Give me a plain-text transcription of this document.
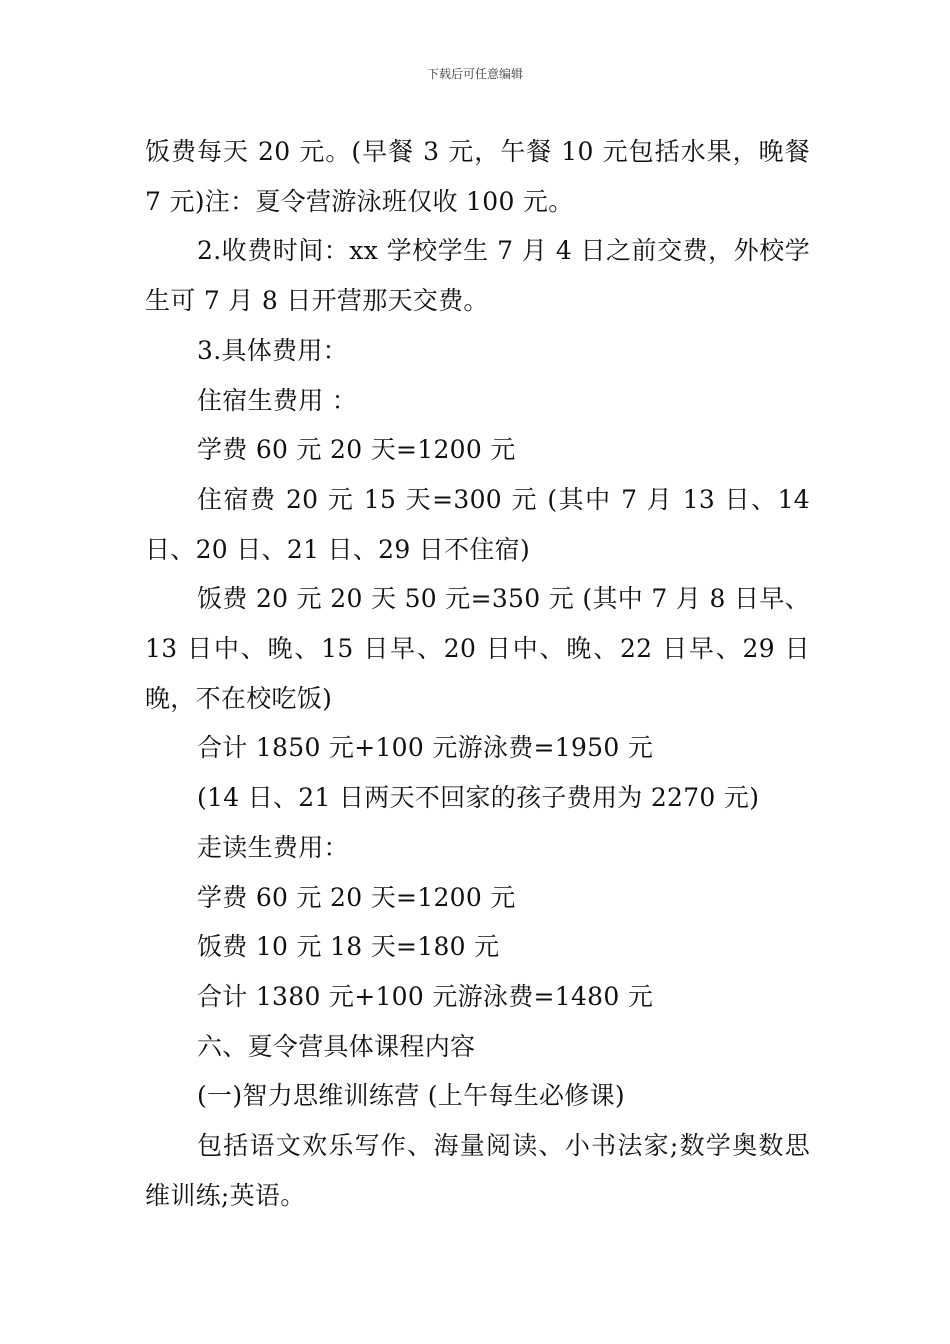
下载后可任意编辑

饭费每天 20 元。(早餐 3 元，午餐 10 元包括水果，晚餐 7 元)注：夏令营游泳班仅收 100 元。

2.收费时间：xx 学校学生 7 月 4 日之前交费，外校学生可 7 月 8 日开营那天交费。

3.具体费用：

住宿生费用 ：

学费 60 元 20 天=1200 元

住宿费 20 元 15 天=300 元 (其中 7 月 13 日、14 日、20 日、21 日、29 日不住宿)

饭费 20 元 20 天 50 元=350 元 (其中 7 月 8 日早、13 日中、晚、15 日早、20 日中、晚、22 日早、29 日晚，不在校吃饭)

合计 1850 元+100 元游泳费=1950 元

(14 日、21 日两天不回家的孩子费用为 2270 元)

走读生费用：

学费 60 元 20 天=1200 元

饭费 10 元 18 天=180 元

合计 1380 元+100 元游泳费=1480 元

六、夏令营具体课程内容

(一)智力思维训练营 (上午每生必修课)

包括语文欢乐写作、海量阅读、小书法家;数学奥数思维训练;英语。
